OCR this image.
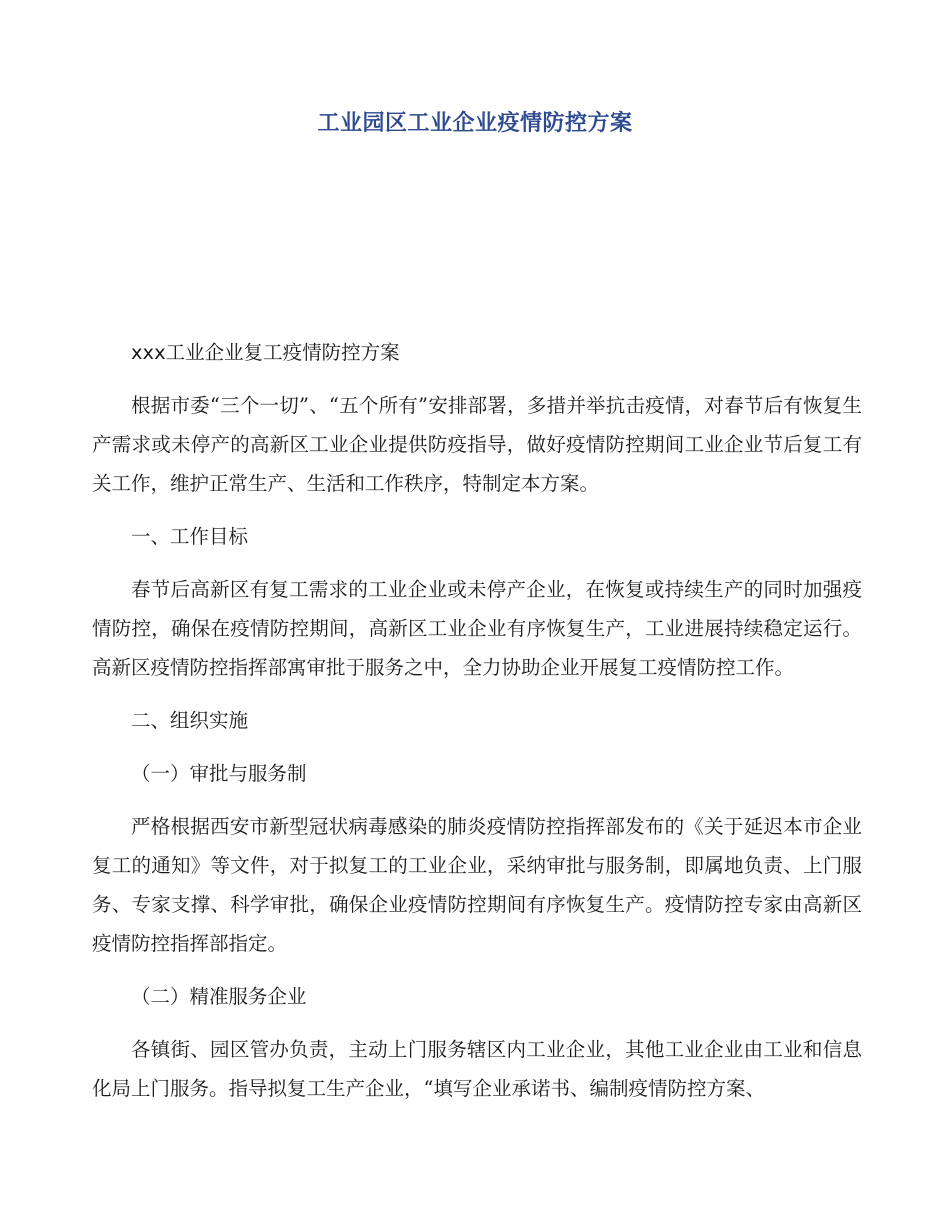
工业园区工业企业疫情防控方案

xxx工业企业复工疫情防控方案

根据市委“三个一切”、“五个所有”安排部署，多措并举抗击疫情，对春节后有恢复生产需求或未停产的高新区工业企业提供防疫指导，做好疫情防控期间工业企业节后复工有关工作，维护正常生产、生活和工作秩序，特制定本方案。

一、工作目标

春节后高新区有复工需求的工业企业或未停产企业，在恢复或持续生产的同时加强疫情防控，确保在疫情防控期间，高新区工业企业有序恢复生产，工业进展持续稳定运行。高新区疫情防控指挥部寓审批于服务之中，全力协助企业开展复工疫情防控工作。

二、组织实施

（一）审批与服务制

严格根据西安市新型冠状病毒感染的肺炎疫情防控指挥部发布的《关于延迟本市企业复工的通知》等文件，对于拟复工的工业企业，采纳审批与服务制，即属地负责、上门服务、专家支撑、科学审批，确保企业疫情防控期间有序恢复生产。疫情防控专家由高新区疫情防控指挥部指定。

（二）精准服务企业

各镇街、园区管办负责，主动上门服务辖区内工业企业，其他工业企业由工业和信息化局上门服务。指导拟复工生产企业，“填写企业承诺书、编制疫情防控方案、
